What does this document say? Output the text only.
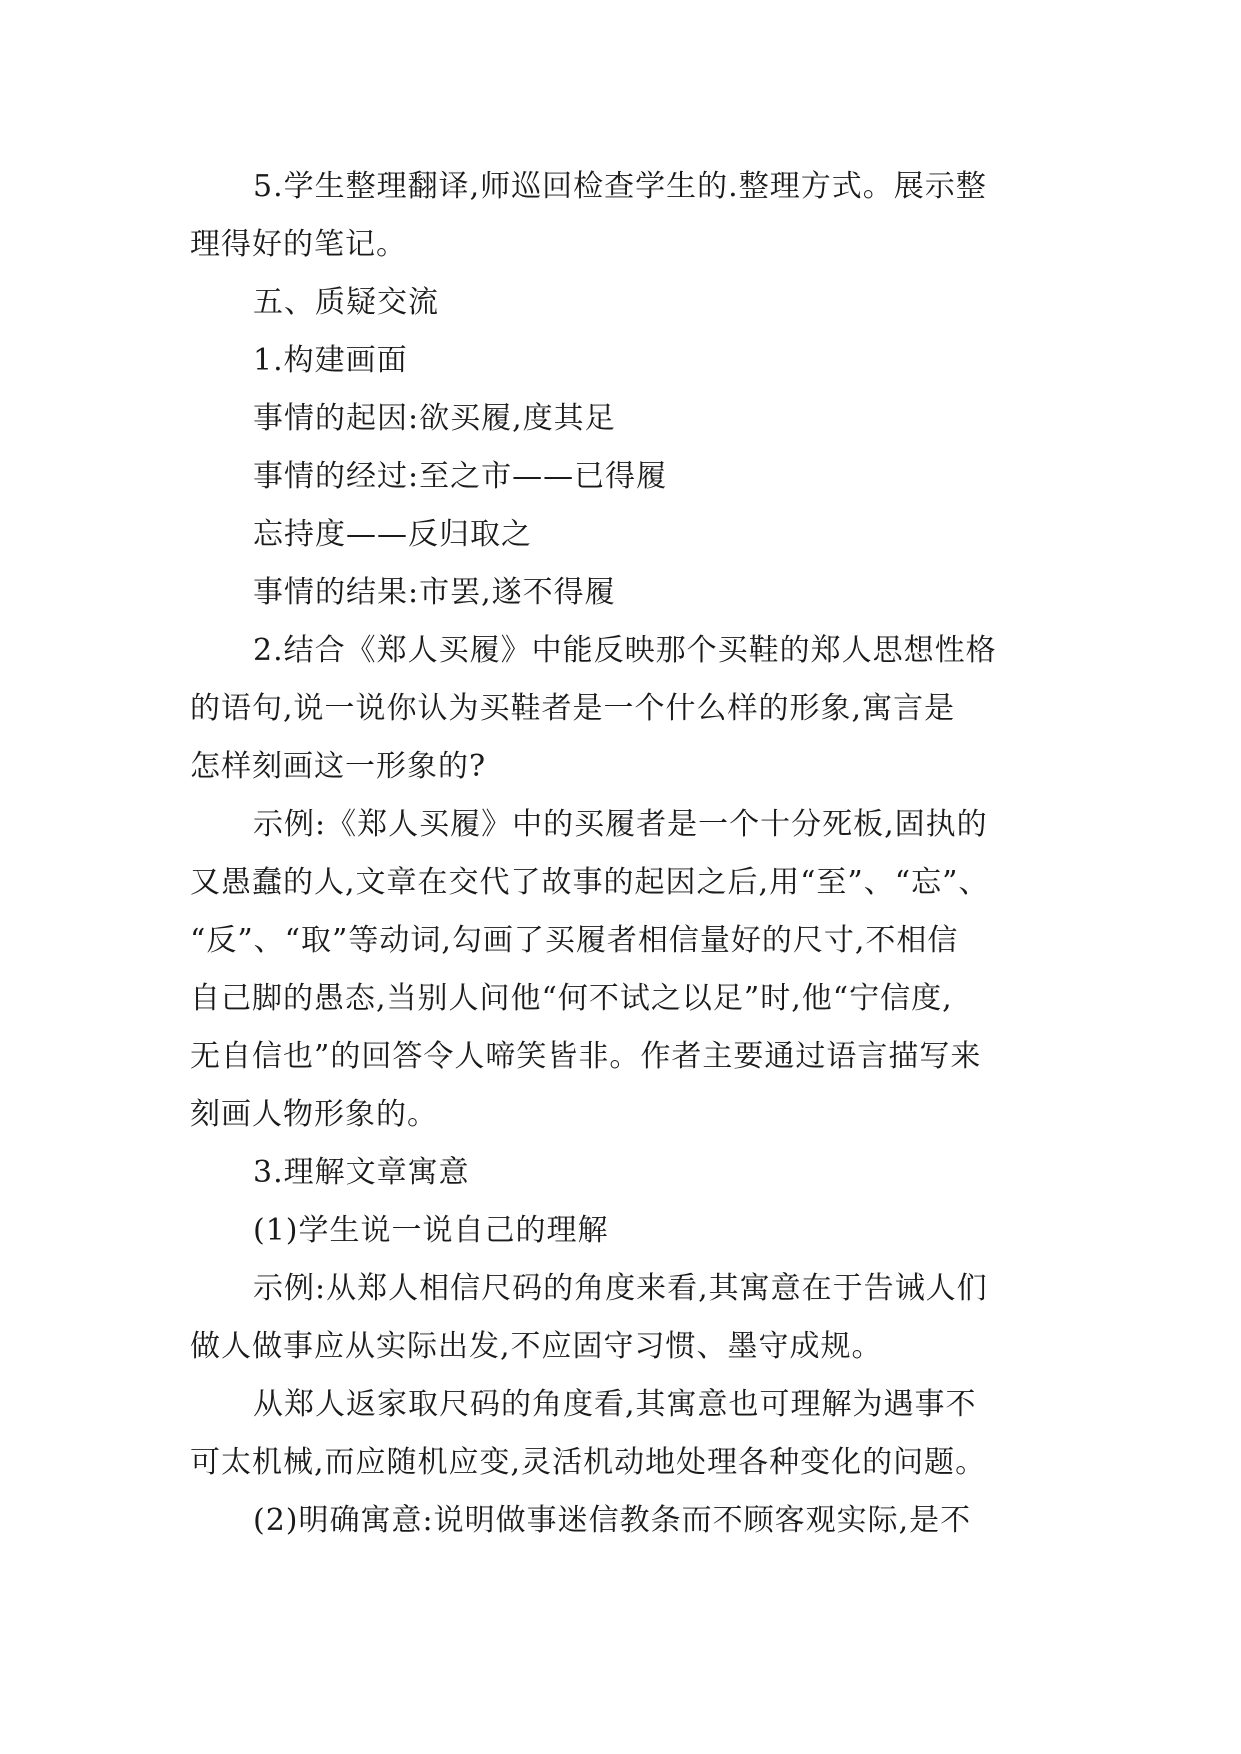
5.学生整理翻译,师巡回检查学生的.整理方式。展示整
理得好的笔记。
五、质疑交流
1.构建画面
事情的起因:欲买履,度其足
事情的经过:至之市——已得履
忘持度——反归取之
事情的结果:市罢,遂不得履
2.结合《郑人买履》中能反映那个买鞋的郑人思想性格
的语句,说一说你认为买鞋者是一个什么样的形象,寓言是
怎样刻画这一形象的?
示例:《郑人买履》中的买履者是一个十分死板,固执的
又愚蠢的人,文章在交代了故事的起因之后,用“至”、“忘”、
“反”、“取”等动词,勾画了买履者相信量好的尺寸,不相信
自己脚的愚态,当别人问他“何不试之以足”时,他“宁信度,
无自信也”的回答令人啼笑皆非。作者主要通过语言描写来
刻画人物形象的。
3.理解文章寓意
(1)学生说一说自己的理解
示例:从郑人相信尺码的角度来看,其寓意在于告诫人们
做人做事应从实际出发,不应固守习惯、墨守成规。
从郑人返家取尺码的角度看,其寓意也可理解为遇事不
可太机械,而应随机应变,灵活机动地处理各种变化的问题。
(2)明确寓意:说明做事迷信教条而不顾客观实际,是不
